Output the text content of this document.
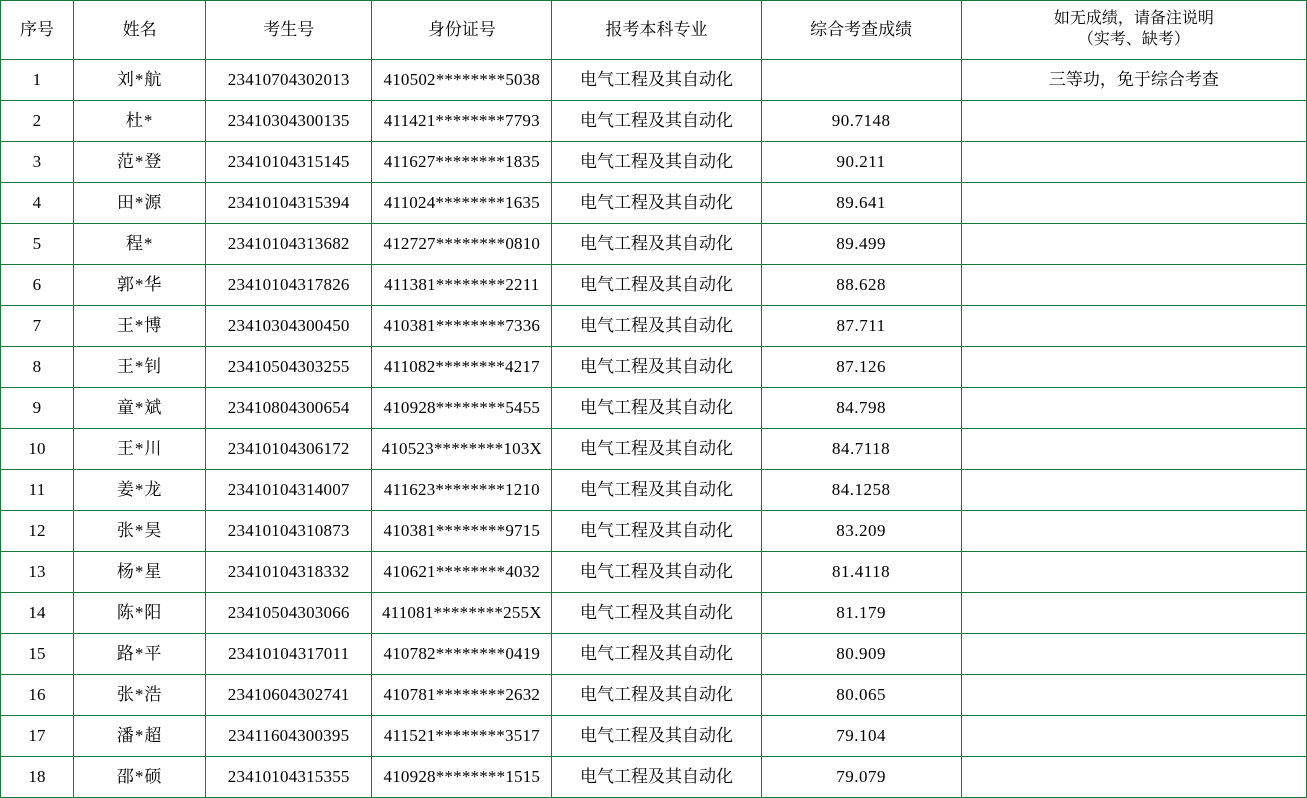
序号	姓名	考生号	身份证号	报考本科专业	综合考查成绩	如无成绩，请备注说明
（实考、缺考）

1	刘*航	23410704302013	410502********5038	电气工程及其自动化		三等功，免于综合考查
2	杜*	23410304300135	411421********7793	电气工程及其自动化	90.7148	
3	范*登	23410104315145	411627********1835	电气工程及其自动化	90.211	
4	田*源	23410104315394	411024********1635	电气工程及其自动化	89.641	
5	程*	23410104313682	412727********0810	电气工程及其自动化	89.499	
6	郭*华	23410104317826	411381********2211	电气工程及其自动化	88.628	
7	王*博	23410304300450	410381********7336	电气工程及其自动化	87.711	
8	王*钊	23410504303255	411082********4217	电气工程及其自动化	87.126	
9	童*斌	23410804300654	410928********5455	电气工程及其自动化	84.798	
10	王*川	23410104306172	410523********103X	电气工程及其自动化	84.7118	
11	姜*龙	23410104314007	411623********1210	电气工程及其自动化	84.1258	
12	张*昊	23410104310873	410381********9715	电气工程及其自动化	83.209	
13	杨*星	23410104318332	410621********4032	电气工程及其自动化	81.4118	
14	陈*阳	23410504303066	411081********255X	电气工程及其自动化	81.179	
15	路*平	23410104317011	410782********0419	电气工程及其自动化	80.909	
16	张*浩	23410604302741	410781********2632	电气工程及其自动化	80.065	
17	潘*超	23411604300395	411521********3517	电气工程及其自动化	79.104	
18	邵*硕	23410104315355	410928********1515	电气工程及其自动化	79.079	
